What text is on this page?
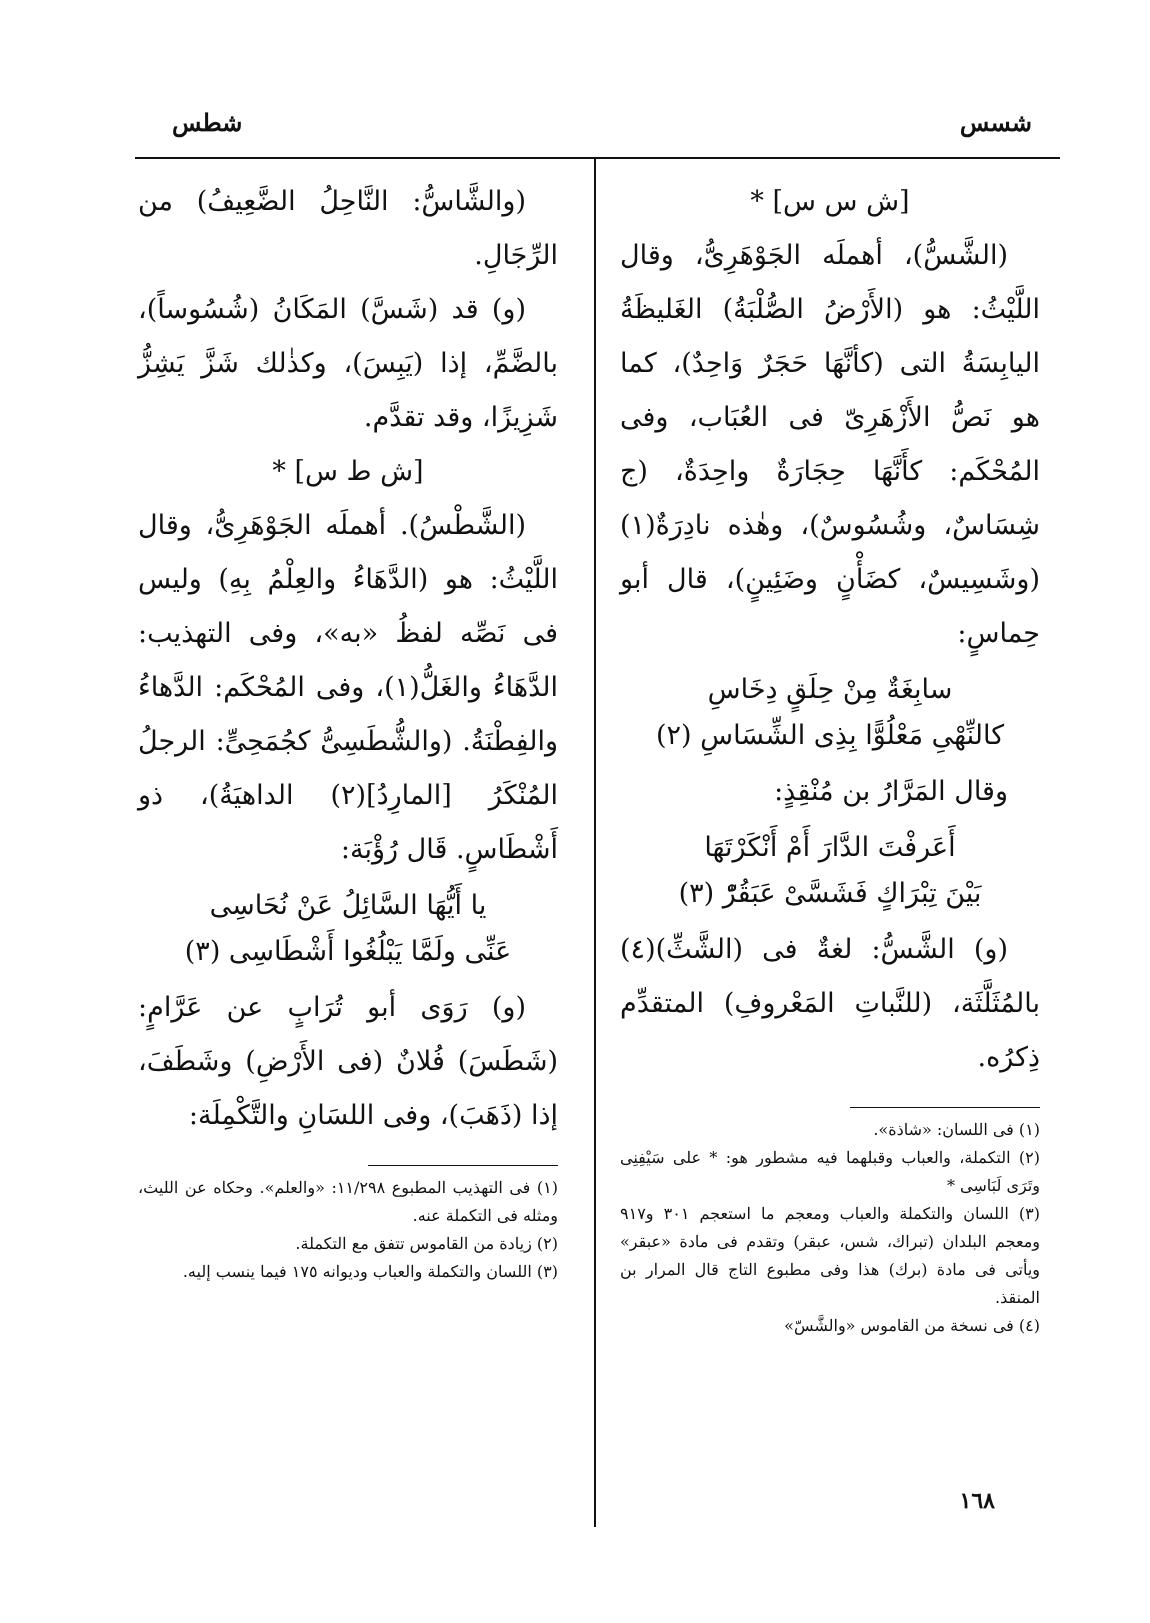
شسس
شطس

[ش س س] *

(الشَّسُّ)، أهملَه الجَوْهَرِىُّ، وقال اللَّيْثُ: هو (الأَرْضُ الصُّلْبَةُ) الغَليظَةُ اليابِسَةُ التى (كأنَّهَا حَجَرٌ وَاحِدٌ)، كما هو نَصُّ الأَزْهَرِىّ فى العُبَاب، وفى المُحْكَم: كأَنَّهَا حِجَارَةٌ واحِدَةٌ، (ج شِسَاسٌ، وشُسُوسٌ)، وهٰذه نادِرَةٌ(١) (وشَسِيسٌ، كضَأْنٍ وضَئِينٍ)، قال أبو حِماسٍ:

سابِغَةٌ مِنْ حِلَقٍ دِخَاسِ
كالنِّهْىِ مَعْلُوًّا بِذِى الشِّسَاسِ (٢)

وقال المَرَّارُ بن مُنْقِذٍ:

أَعَرفْتَ الدَّارَ أَمْ أَنْكَرْتَهَا
بَيْنَ تِبْرَاكٍ فَشَسَّىْ عَبَقُرّْ (٣)

(و) الشَّسُّ: لغةٌ فى (الشَّثِّ)(٤) بالمُثَلَّثَة، (للنَّباتِ المَعْروفِ) المتقدِّم ذِكرُه.

(١) فى اللسان: «شاذة».

(٢) التكملة، والعباب وقبلهما فيه مشطور هو: * على سَيْفِنِى وتَرَى لَبَاسِى *

(٣) اللسان والتكملة والعباب ومعجم ما استعجم ٣٠١ و٩١٧ ومعجم البلدان (تبراك، شس، عبقر) وتقدم فى مادة «عبقر» ويأتى فى مادة (برك) هذا وفى مطبوع التاج قال المرار بن المنقذ.

(٤) فى نسخة من القاموس «والشَّسّ»

(والشَّاسُّ: النَّاحِلُ الضَّعِيفُ) من الرِّجَالِ.

(و) قد (شَسَّ) المَكَانُ (شُسُوساً)، بالضَّمِّ، إذا (يَبِسَ)، وكذٰلك شَزَّ يَشِزُّ شَزِيزًا، وقد تقدَّم.

[ش ط س] *

(الشَّطْسُ). أهملَه الجَوْهَرِىُّ، وقال اللَّيْثُ: هو (الدَّهَاءُ والعِلْمُ بِهِ) وليس فى نَصِّه لفظُ «به»، وفى التهذيب: الدَّهَاءُ والغَلُّ(١)، وفى المُحْكَم: الدَّهاءُ والفِطْنَةُ. (والشُّطَسِىُّ كجُمَحِىٍّ: الرجلُ المُنْكَرُ [المارِدُ](٢) الداهيَةُ)، ذو أَشْطَاسٍ. قَال رُؤْبَة:

يا أَيُّهَا السَّائِلُ عَنْ نُحَاسِى
عَنِّى ولَمَّا يَبْلُغُوا أَشْطَاسِى (٣)

(و) رَوَى أبو تُرَابٍ عن عَرَّامٍ: (شَطَسَ) فُلانٌ (فى الأَرْضِ) وشَطَفَ، إذا (ذَهَبَ)، وفى اللسَانِ والتَّكْمِلَة:

(١) فى التهذيب المطبوع ١١/٢٩٨: «والعلم». وحكاه عن الليث، ومثله فى التكملة عنه.

(٢) زيادة من القاموس تتفق مع التكملة.

(٣) اللسان والتكملة والعباب وديوانه ١٧٥ فيما ينسب إليه.

١٦٨
